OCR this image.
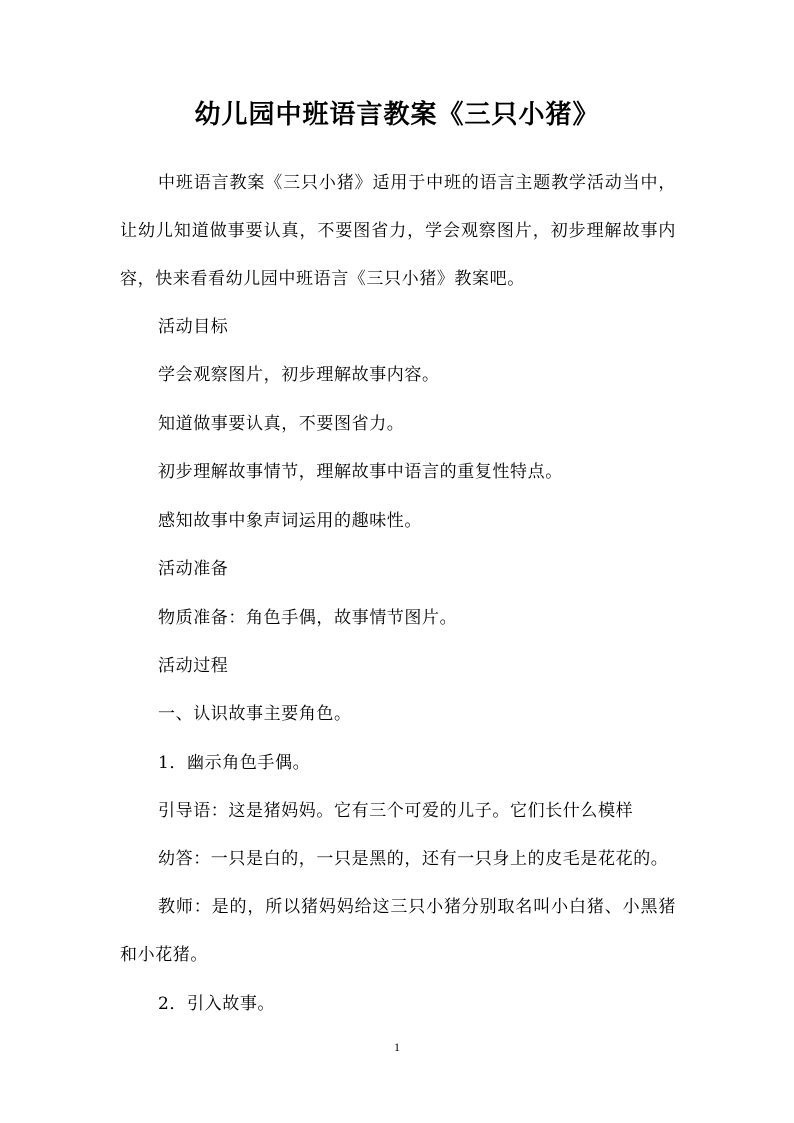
幼儿园中班语言教案《三只小猪》
中班语言教案《三只小猪》适用于中班的语言主题教学活动当中，让幼儿知道做事要认真，不要图省力，学会观察图片，初步理解故事内容，快来看看幼儿园中班语言《三只小猪》教案吧。
活动目标
学会观察图片，初步理解故事内容。
知道做事要认真，不要图省力。
初步理解故事情节，理解故事中语言的重复性特点。
感知故事中象声词运用的趣味性。
活动准备
物质准备：角色手偶，故事情节图片。
活动过程
一、认识故事主要角色。
1．幽示角色手偶。
引导语：这是猪妈妈。它有三个可爱的儿子。它们长什么模样
幼答：一只是白的，一只是黑的，还有一只身上的皮毛是花花的。
教师：是的，所以猪妈妈给这三只小猪分别取名叫小白猪、小黑猪和小花猪。
2．引入故事。
1
